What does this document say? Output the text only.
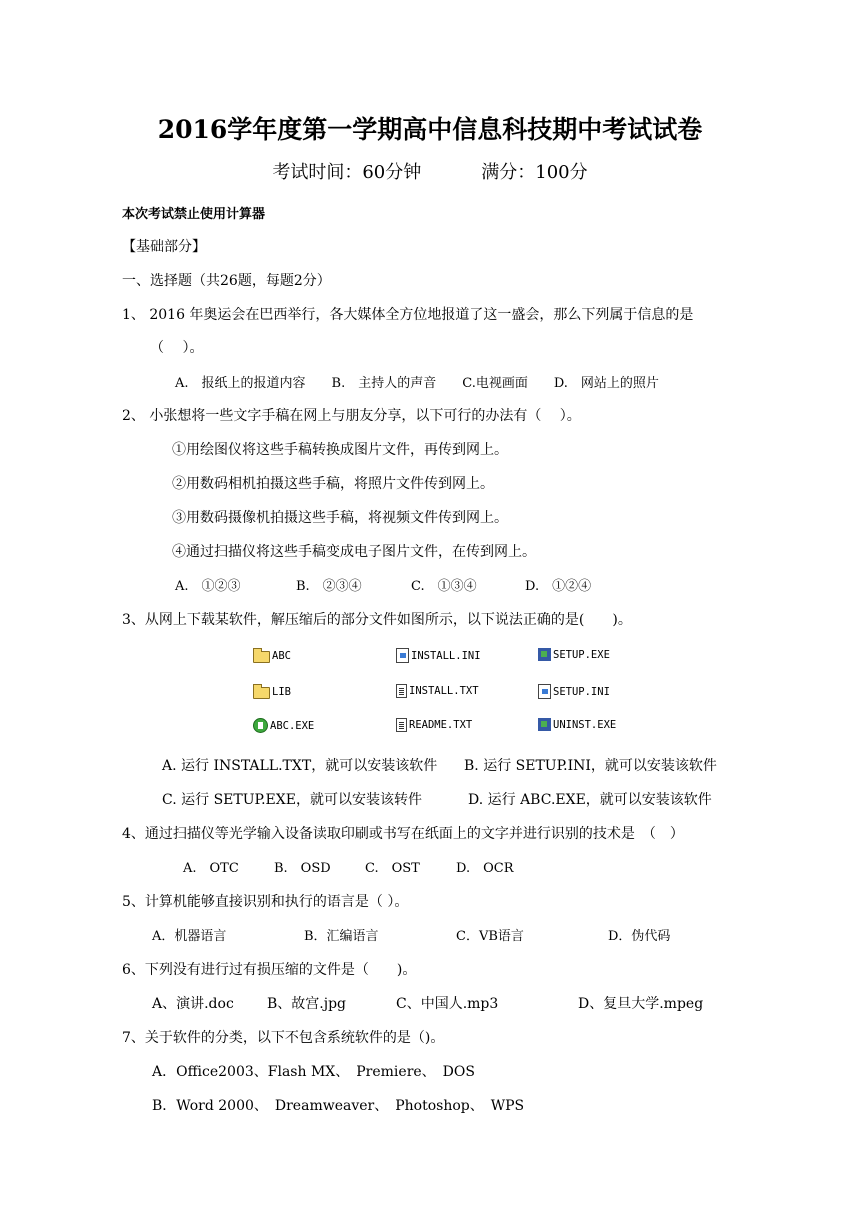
2016学年度第一学期高中信息科技期中考试试卷
考试时间：60分钟	满分：100分
本次考试禁止使用计算器
【基础部分】
一、选择题（共26题，每题2分）
1、 2016 年奥运会在巴西举行，各大媒体全方位地报道了这一盛会，那么下列属于信息的是
（　 ）。
A.　报纸上的报道内容　　B.　主持人的声音　　C.电视画面　　D.　网站上的照片
2、 小张想将一些文字手稿在网上与朋友分享，以下可行的办法有（　 ）。
①用绘图仪将这些手稿转换成图片文件，再传到网上。
②用数码相机拍摄这些手稿，将照片文件传到网上。
③用数码摄像机拍摄这些手稿，将视频文件传到网上。
④通过扫描仪将这些手稿变成电子图片文件，在传到网上。
A.　①②③	B.　②③④	C.　①③④	D.　①②④
3、从网上下载某软件，解压缩后的部分文件如图所示，以下说法正确的是(　　)。
ABC	INSTALL.INI	SETUP.EXE
LIB	INSTALL.TXT	SETUP.INI
ABC.EXE	README.TXT	UNINST.EXE
A. 运行 INSTALL.TXT，就可以安装该软件 B. 运行 SETUP.INI，就可以安装该软件
C. 运行 SETUP.EXE，就可以安装该转件	D. 运行 ABC.EXE，就可以安装该软件
4、通过扫描仪等光学输入设备读取印刷或书写在纸面上的文字并进行识别的技术是　（　）
A.　OTC	B.　OSD	C.　OST	D.　OCR
5、计算机能够直接识别和执行的语言是（ ）。
A．机器语言	B．汇编语言	C．VB语言	D．伪代码
6、下列没有进行过有损压缩的文件是（　　)。
A、演讲.doc B、故宫.jpg	C、中国人.mp3	D、复旦大学.mpeg
7、关于软件的分类，以下不包含系统软件的是（)。
A．Office2003、Flash MX、　Premiere、　DOS
B．Word 2000、　Dreamweaver、　Photoshop、　WPS
